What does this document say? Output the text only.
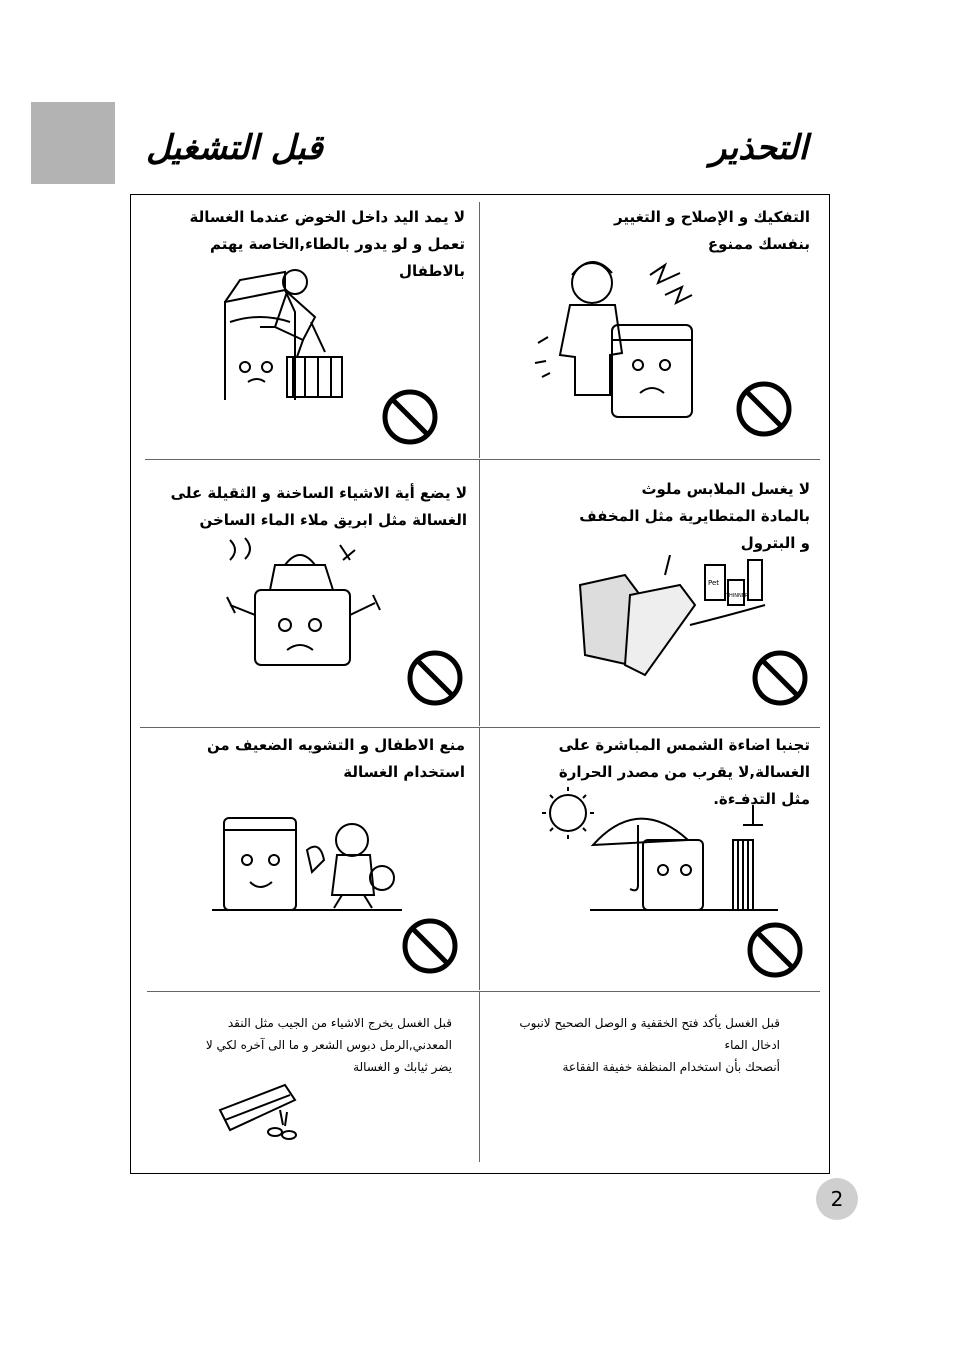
التحذير
قبل التشغيل
لا يمد اليد داخل الخوض عندما الغسالة
تعمل و لو يدور بالطاء,الخاصة يهتم
بالاطفال
التفكيك و الإصلاح و التغيير
بنفسك ممنوع
لا يضع أية الاشياء الساخنة و الثقيلة على
الغسالة مثل ابريق ملاء الماء الساخن
لا يغسل الملابس ملوث
بالمادة المتطايرية مثل المخفف
و البترول
Pet
THINNER
منع الاطفال و التشويه الضعيف من
استخدام الغسالة
تجنبا اضاءة الشمس المباشرة على
الغسالة,لا يقرب من مصدر الحرارة
مثل التدفـءة.
قبل الغسل يخرج الاشياء من الجيب مثل النقد
المعدني,الرمل دبوس الشعر و ما الى آخره لكي لا
يضر ثيابك و الغسالة
قبل الغسل يأكد فتح الخقفية و الوصل الصحيح لانبوب
ادخال الماء
أنصحك بأن استخدام المنظفة خفيفة الفقاعة
2
